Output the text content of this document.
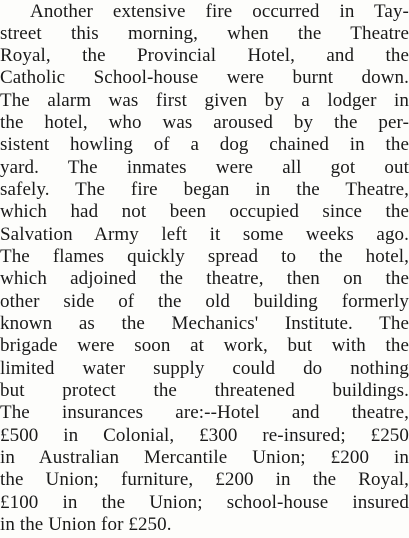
Another extensive fire occurred in Tay-
street this morning, when the Theatre
Royal, the Provincial Hotel, and the
Catholic School-house were burnt down.
The alarm was first given by a lodger in
the hotel, who was aroused by the per-
sistent howling of a dog chained in the
yard. The inmates were all got out
safely. The fire began in the Theatre,
which had not been occupied since the
Salvation Army left it some weeks ago.
The flames quickly spread to the hotel,
which adjoined the theatre, then on the
other side of the old building formerly
known as the Mechanics' Institute. The
brigade were soon at work, but with the
limited water supply could do nothing
but protect the threatened buildings.
The insurances are:--Hotel and theatre,
£500 in Colonial, £300 re-insured; £250
in Australian Mercantile Union; £200 in
the Union; furniture, £200 in the Royal,
£100 in the Union; school-house insured
in the Union for £250.
